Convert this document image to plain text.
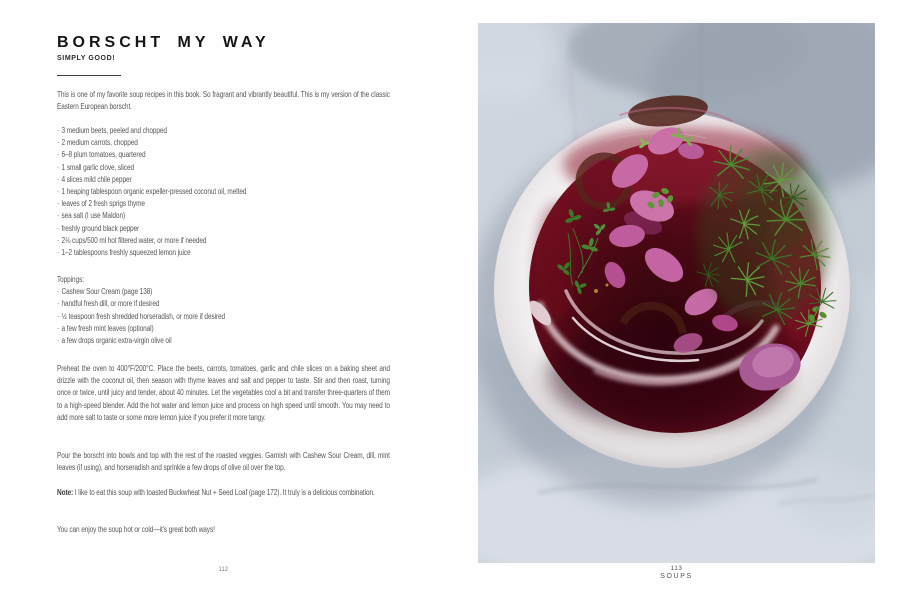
BORSCHT MY WAY
SIMPLY GOOD!

This is one of my favorite soup recipes in this book. So fragrant and vibrantly beautiful. This is my version of the classic Eastern European borscht.

· 3 medium beets, peeled and chopped
· 2 medium carrots, chopped
· 6–8 plum tomatoes, quartered
· 1 small garlic clove, sliced
· 4 slices mild chile pepper
· 1 heaping tablespoon organic expeller-pressed coconut oil, melted
· leaves of 2 fresh sprigs thyme
· sea salt (I use Maldon)
· freshly ground black pepper
· 2⅛ cups/500 ml hot filtered water, or more if needed
· 1–2 tablespoons freshly squeezed lemon juice
Toppings:
· Cashew Sour Cream (page 138)
· handful fresh dill, or more if desired
· ½ teaspoon fresh shredded horseradish, or more if desired
· a few fresh mint leaves (optional)
· a few drops organic extra-virgin olive oil

Preheat the oven to 400°F/200°C. Place the beets, carrots, tomatoes, garlic and chile slices on a baking sheet and drizzle with the coconut oil, then season with thyme leaves and salt and pepper to taste. Stir and then roast, turning once or twice, until juicy and tender, about 40 minutes. Let the vegetables cool a bit and transfer three-quarters of them to a high-speed blender. Add the hot water and lemon juice and process on high speed until smooth. You may need to add more salt to taste or some more lemon juice if you prefer it more tangy.

Pour the borscht into bowls and top with the rest of the roasted veggies. Garnish with Cashew Sour Cream, dill, mint leaves (if using), and horseradish and sprinkle a few drops of olive oil over the top.

Note: I like to eat this soup with toasted Buckwheat Nut + Seed Loaf (page 172). It truly is a delicious combination.

You can enjoy the soup hot or cold—it's great both ways!

112	113
SOUPS
